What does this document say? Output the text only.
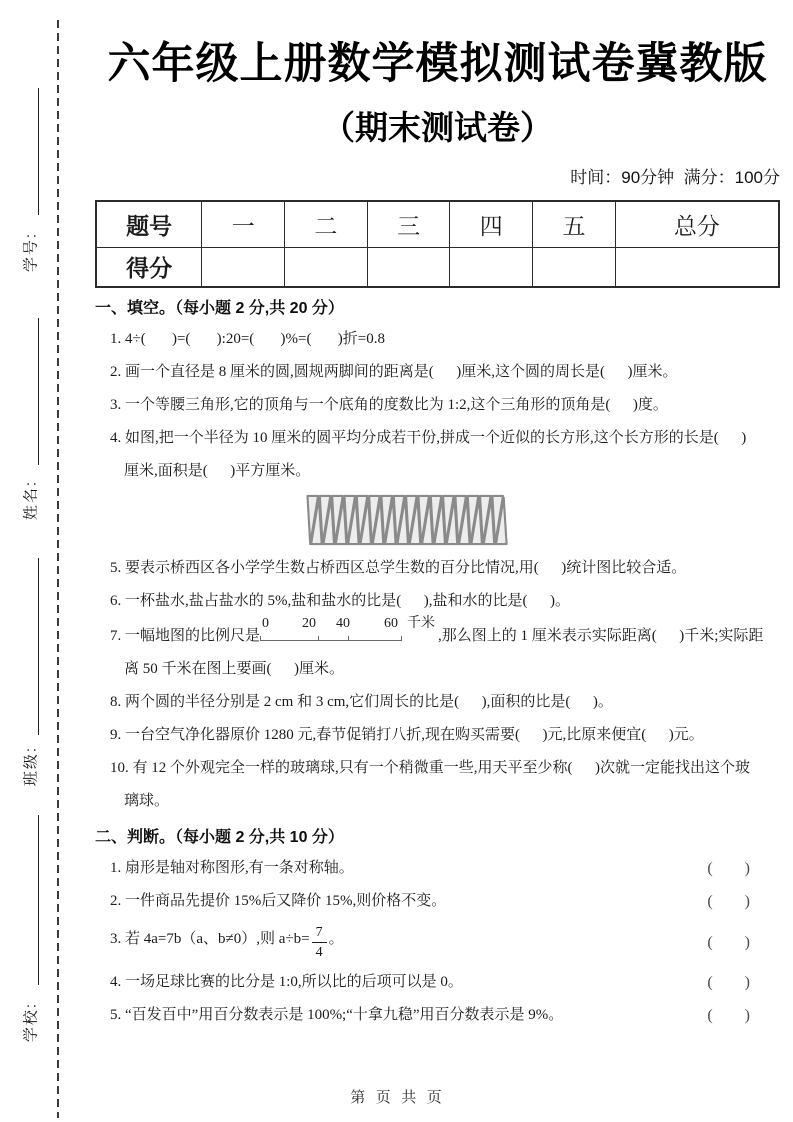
学号:
姓名:
班级:
学校:
六年级上册数学模拟测试卷冀教版
（期末测试卷）
时间：90分钟  满分：100分
题号	一	二	三	四	五	总分
得分						
一、填空。（每小题 2 分,共 20 分）
1. 4÷(       )=(       ):20=(       )%=(       )折=0.8
2. 画一个直径是 8 厘米的圆,圆规两脚间的距离是(      )厘米,这个圆的周长是(      )厘米。
3. 一个等腰三角形,它的顶角与一个底角的度数比为 1:2,这个三角形的顶角是(      )度。
4. 如图,把一个半径为 10 厘米的圆平均分成若干份,拼成一个近似的长方形,这个长方形的长是(      )
厘米,面积是(      )平方厘米。
5. 要表示桥西区各小学学生数占桥西区总学生数的百分比情况,用(      )统计图比较合适。
6. 一杯盐水,盐占盐水的 5%,盐和盐水的比是(      ),盐和水的比是(      )。
7. 一幅地图的比例尺是
0 20 40 60 千米
,那么图上的 1 厘米表示实际距离(      )千米;实际距
离 50 千米在图上要画(      )厘米。
8. 两个圆的半径分别是 2 cm 和 3 cm,它们周长的比是(      ),面积的比是(      )。
9. 一台空气净化器原价 1280 元,春节促销打八折,现在购买需要(      )元,比原来便宜(      )元。
10. 有 12 个外观完全一样的玻璃球,只有一个稍微重一些,用天平至少称(      )次就一定能找出这个玻
璃球。
二、判断。（每小题 2 分,共 10 分）
1. 扇形是轴对称图形,有一条对称轴。	(        )
2. 一件商品先提价 15%后又降价 15%,则价格不变。	(        )
3. 若 4a=7b（a、b≠0）,则 $a\div b= \frac{7}{4}$ 。	(        )
4. 一场足球比赛的比分是 1:0,所以比的后项可以是 0。	(        )
5. “百发百中”用百分数表示是 100%;“十拿九稳”用百分数表示是 9%。	(        )
第  页  共  页
